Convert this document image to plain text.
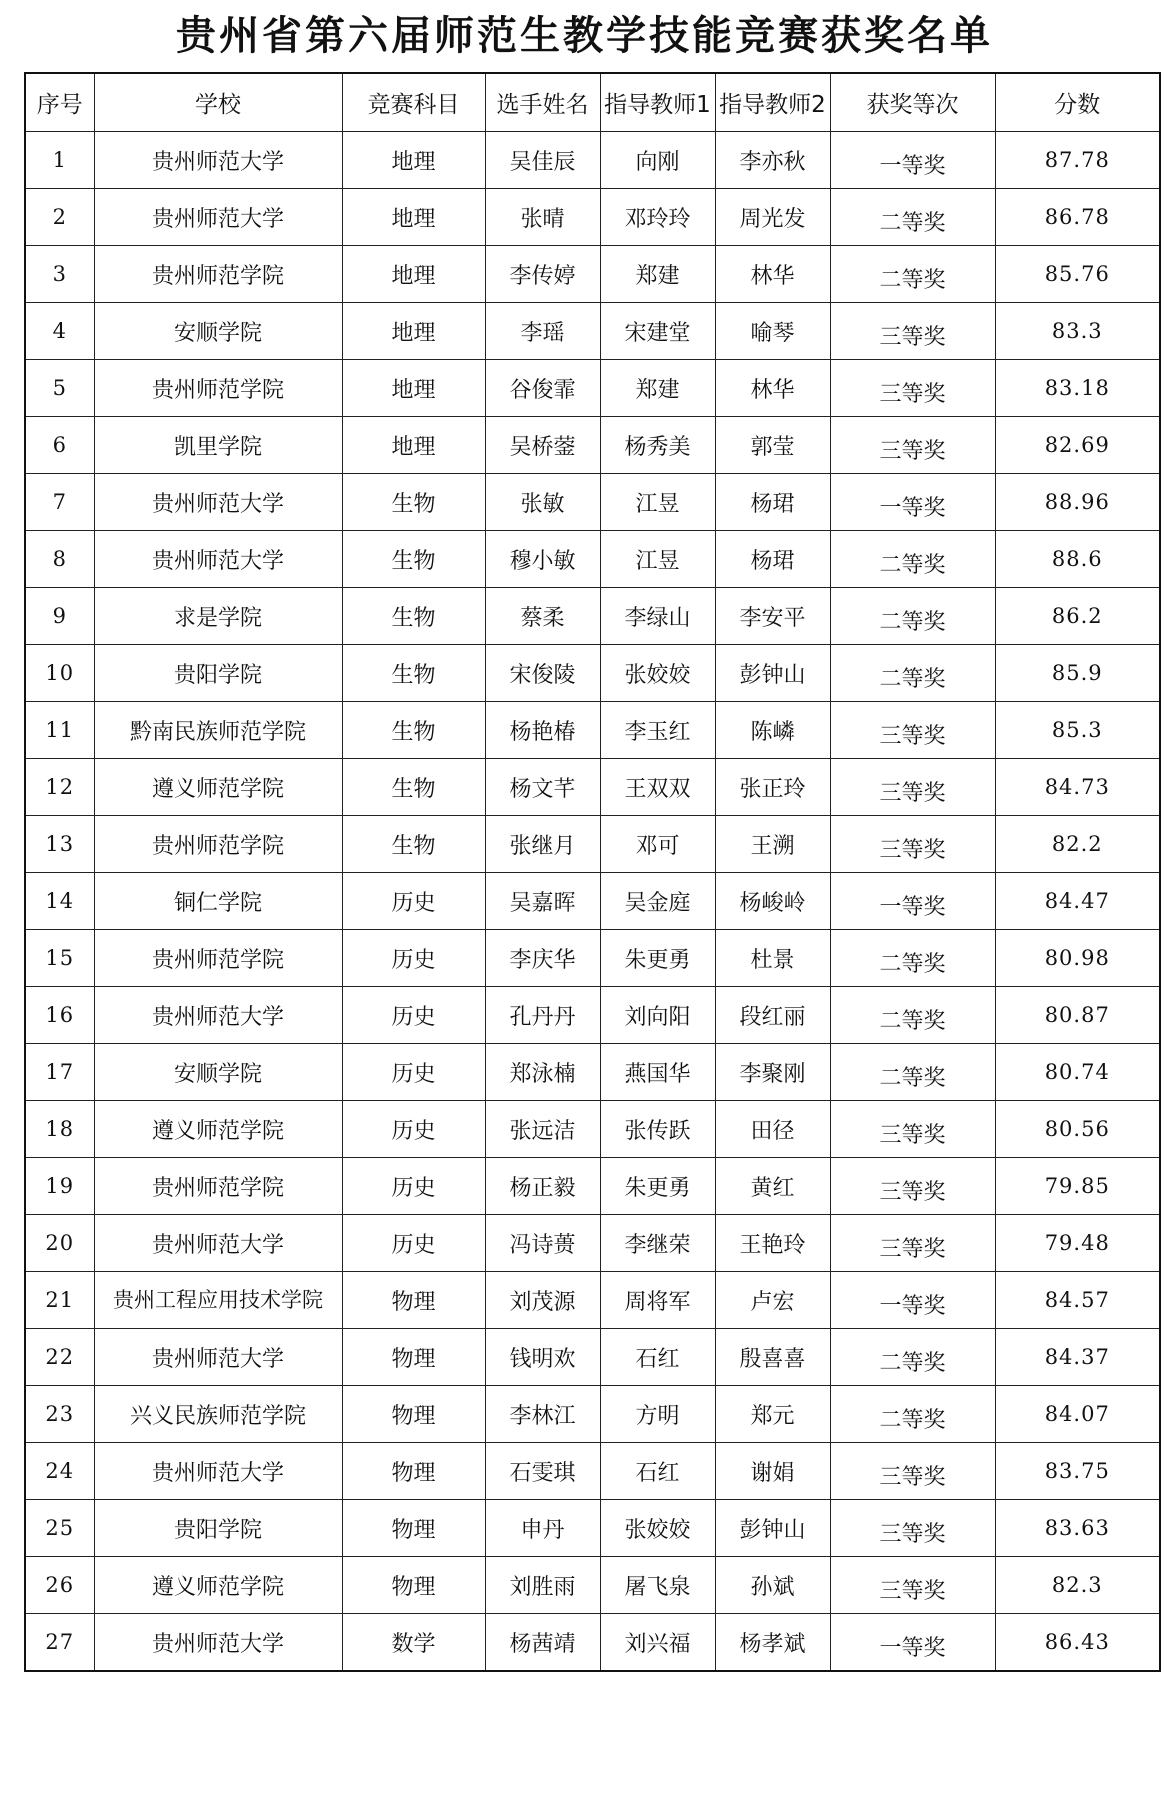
贵州省第六届师范生教学技能竞赛获奖名单
序号	学校	竞赛科目	选手姓名	指导教师1	指导教师2	获奖等次	分数
1	贵州师范大学	地理	吴佳辰	向刚	李亦秋	一等奖	87.78
2	贵州师范大学	地理	张晴	邓玲玲	周光发	二等奖	86.78
3	贵州师范学院	地理	李传婷	郑建	林华	二等奖	85.76
4	安顺学院	地理	李瑶	宋建堂	喻琴	三等奖	83.3
5	贵州师范学院	地理	谷俊霏	郑建	林华	三等奖	83.18
6	凯里学院	地理	吴桥蓥	杨秀美	郭莹	三等奖	82.69
7	贵州师范大学	生物	张敏	江昱	杨珺	一等奖	88.96
8	贵州师范大学	生物	穆小敏	江昱	杨珺	二等奖	88.6
9	求是学院	生物	蔡柔	李绿山	李安平	二等奖	86.2
10	贵阳学院	生物	宋俊陵	张姣姣	彭钟山	二等奖	85.9
11	黔南民族师范学院	生物	杨艳椿	李玉红	陈嶙	三等奖	85.3
12	遵义师范学院	生物	杨文芊	王双双	张正玲	三等奖	84.73
13	贵州师范学院	生物	张继月	邓可	王溯	三等奖	82.2
14	铜仁学院	历史	吴嘉晖	吴金庭	杨峻岭	一等奖	84.47
15	贵州师范学院	历史	李庆华	朱更勇	杜景	二等奖	80.98
16	贵州师范大学	历史	孔丹丹	刘向阳	段红丽	二等奖	80.87
17	安顺学院	历史	郑泳楠	燕国华	李聚刚	二等奖	80.74
18	遵义师范学院	历史	张远洁	张传跃	田径	三等奖	80.56
19	贵州师范学院	历史	杨正毅	朱更勇	黄红	三等奖	79.85
20	贵州师范大学	历史	冯诗蒉	李继荣	王艳玲	三等奖	79.48
21	贵州工程应用技术学院	物理	刘茂源	周将军	卢宏	一等奖	84.57
22	贵州师范大学	物理	钱明欢	石红	殷喜喜	二等奖	84.37
23	兴义民族师范学院	物理	李林江	方明	郑元	二等奖	84.07
24	贵州师范大学	物理	石雯琪	石红	谢娟	三等奖	83.75
25	贵阳学院	物理	申丹	张姣姣	彭钟山	三等奖	83.63
26	遵义师范学院	物理	刘胜雨	屠飞泉	孙斌	三等奖	82.3
27	贵州师范大学	数学	杨茜靖	刘兴福	杨孝斌	一等奖	86.43
